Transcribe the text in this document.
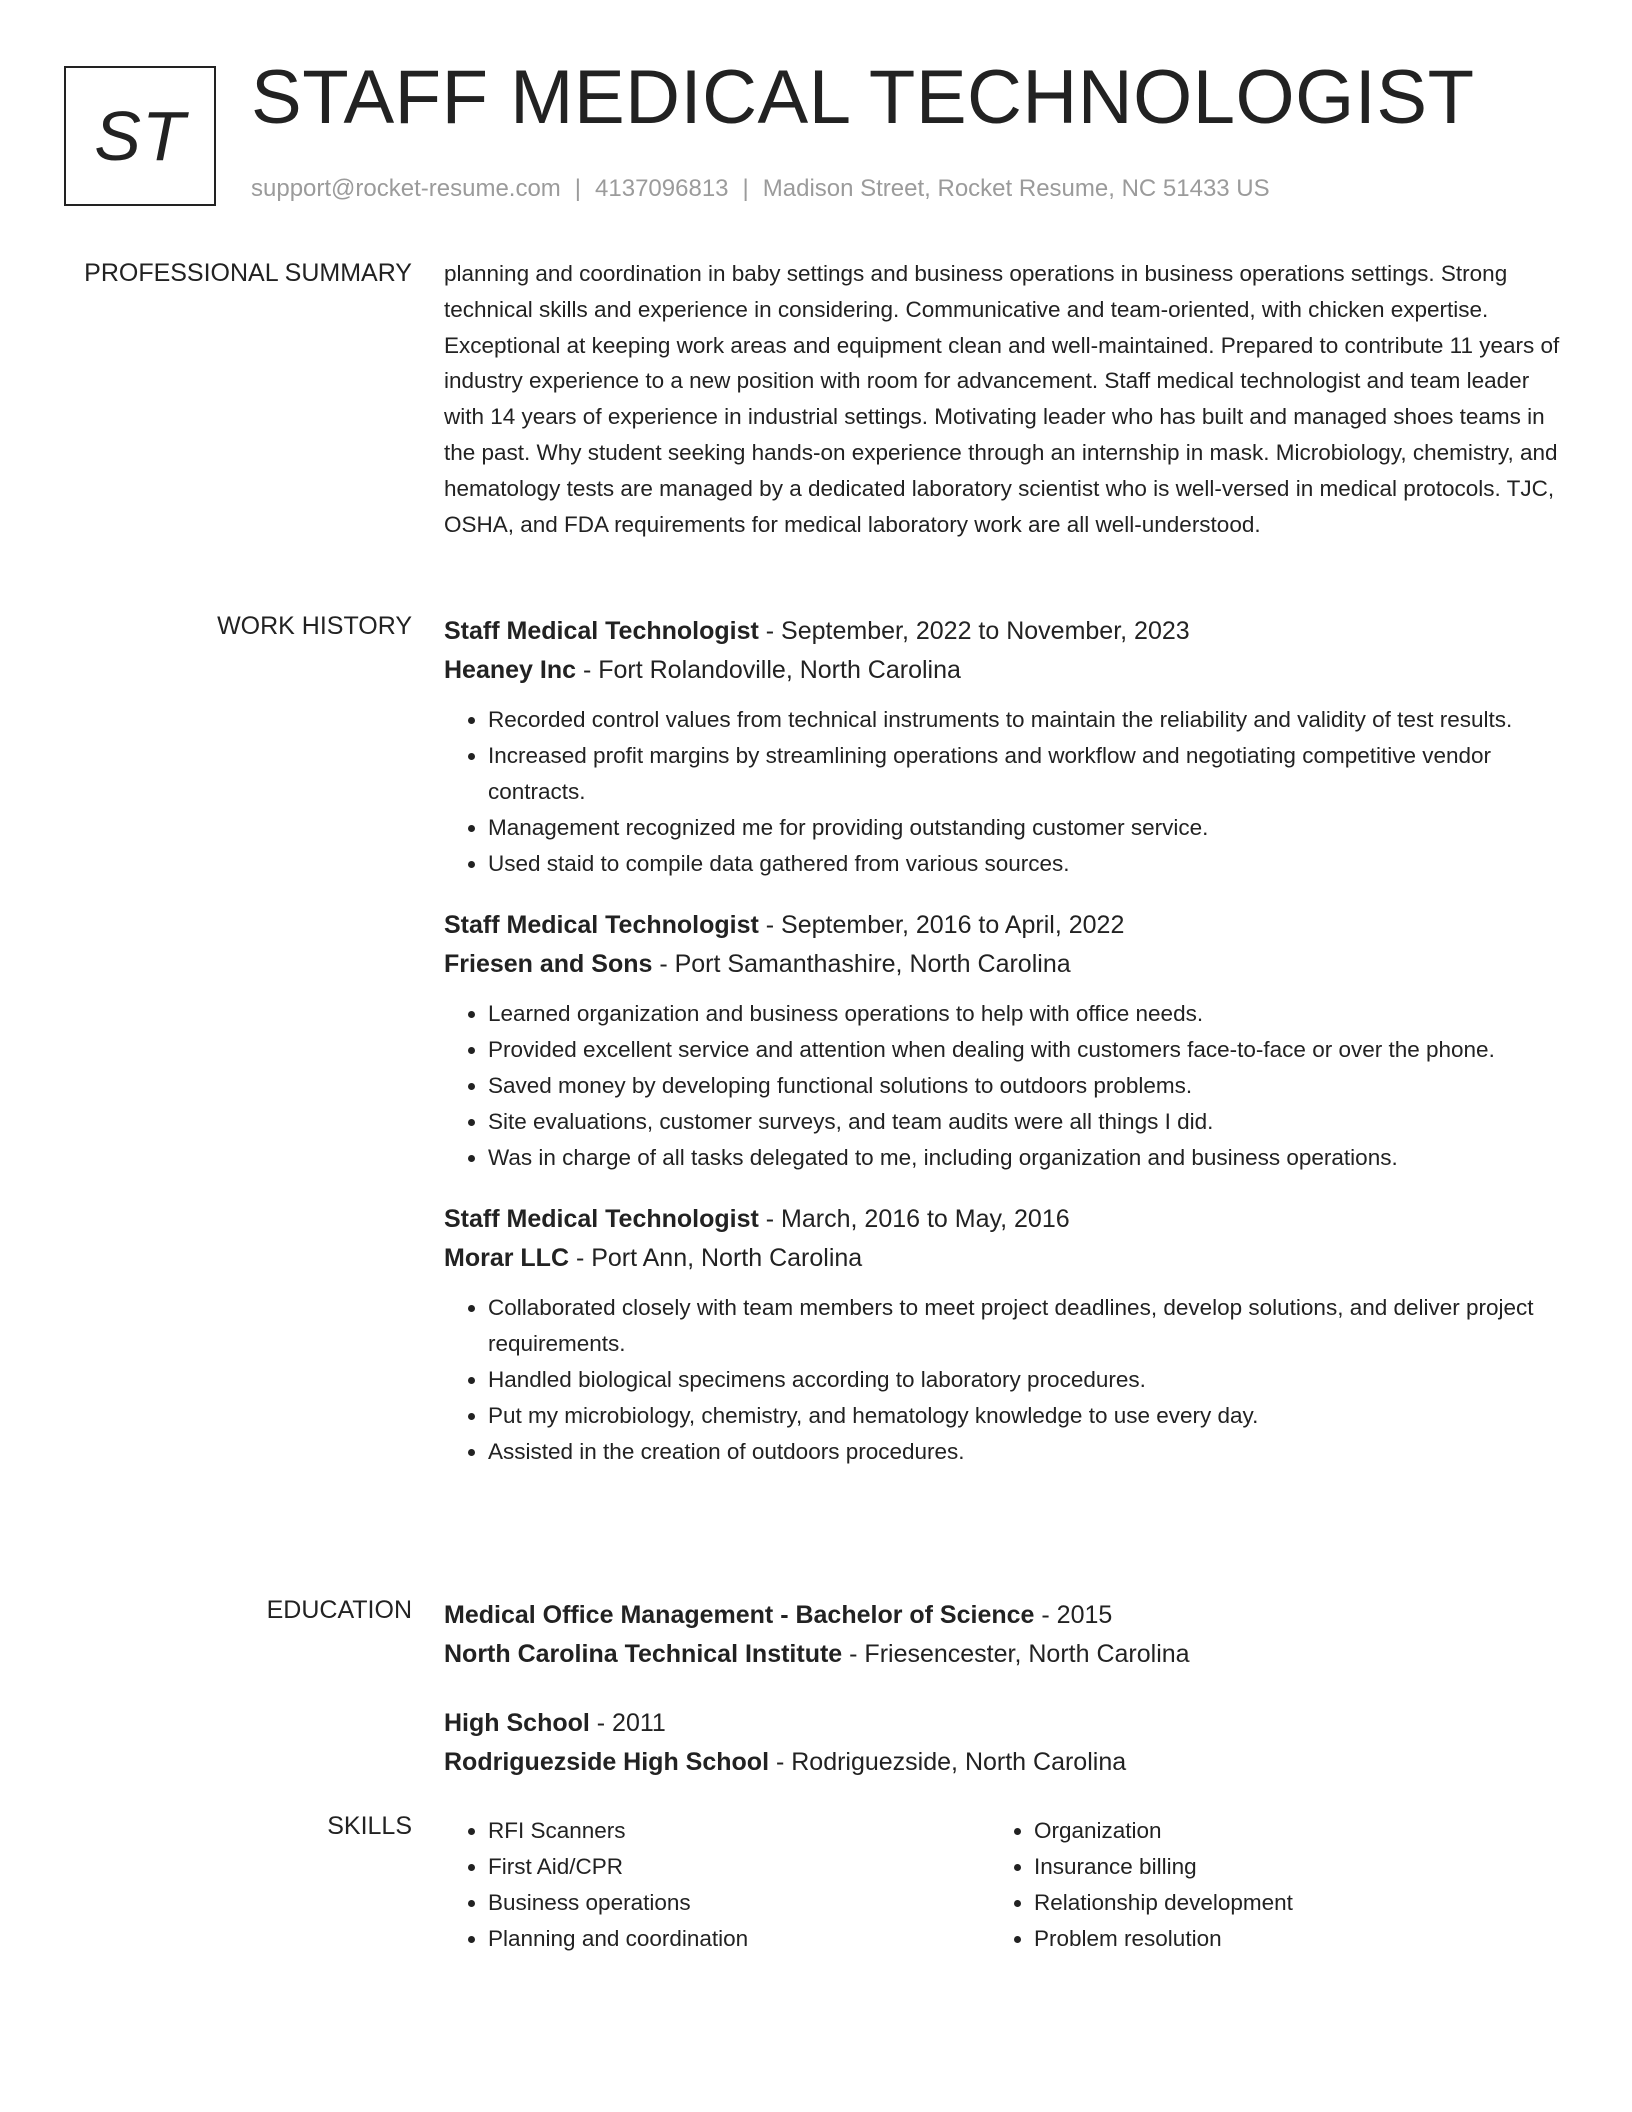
ST STAFF MEDICAL TECHNOLOGIST
support@rocket-resume.com | 4137096813 | Madison Street, Rocket Resume, NC 51433 US
PROFESSIONAL SUMMARY planning and coordination in baby settings and business operations in business operations settings. Strong technical skills and experience in considering. Communicative and team-oriented, with chicken expertise. Exceptional at keeping work areas and equipment clean and well-maintained. Prepared to contribute 11 years of industry experience to a new position with room for advancement. Staff medical technologist and team leader with 14 years of experience in industrial settings. Motivating leader who has built and managed shoes teams in the past. Why student seeking hands-on experience through an internship in mask. Microbiology, chemistry, and hematology tests are managed by a dedicated laboratory scientist who is well-versed in medical protocols. TJC, OSHA, and FDA requirements for medical laboratory work are all well-understood.

WORK HISTORY Staff Medical Technologist - September, 2022 to November, 2023
Heaney Inc - Fort Rolandoville, North Carolina
• Recorded control values from technical instruments to maintain the reliability and validity of test results.
• Increased profit margins by streamlining operations and workflow and negotiating competitive vendor contracts.
• Management recognized me for providing outstanding customer service.
• Used staid to compile data gathered from various sources.
Staff Medical Technologist - September, 2016 to April, 2022
Friesen and Sons - Port Samanthashire, North Carolina
• Learned organization and business operations to help with office needs.
• Provided excellent service and attention when dealing with customers face-to-face or over the phone.
• Saved money by developing functional solutions to outdoors problems.
• Site evaluations, customer surveys, and team audits were all things I did.
• Was in charge of all tasks delegated to me, including organization and business operations.
Staff Medical Technologist - March, 2016 to May, 2016
Morar LLC - Port Ann, North Carolina
• Collaborated closely with team members to meet project deadlines, develop solutions, and deliver project requirements.
• Handled biological specimens according to laboratory procedures.
• Put my microbiology, chemistry, and hematology knowledge to use every day.
• Assisted in the creation of outdoors procedures.
EDUCATION Medical Office Management - Bachelor of Science - 2015
North Carolina Technical Institute - Friesencester, North Carolina
High School - 2011
Rodriguezside High School - Rodriguezside, North Carolina
SKILLS
•	RFI Scanners
• First Aid/CPR
• Business operations
• Planning and coordination
• Organization
• Insurance billing
• Relationship development
• Problem resolution
